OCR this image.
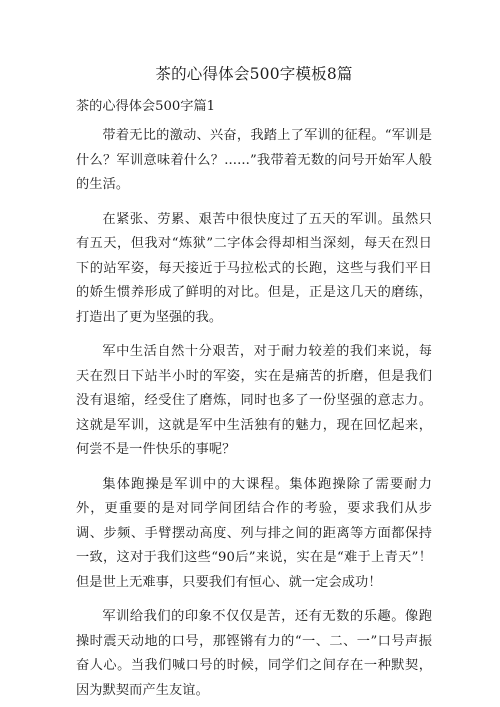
茶的心得体会500字模板8篇
茶的心得体会500字篇1

带着无比的激动、兴奋，我踏上了军训的征程。“军训是什么？军训意味着什么？......”我带着无数的问号开始军人般的生活。

在紧张、劳累、艰苦中很快度过了五天的军训。虽然只有五天，但我对“炼狱”二字体会得却相当深刻，每天在烈日下的站军姿，每天接近于马拉松式的长跑，这些与我们平日的娇生惯养形成了鲜明的对比。但是，正是这几天的磨练，打造出了更为坚强的我。

军中生活自然十分艰苦，对于耐力较差的我们来说，每天在烈日下站半小时的军姿，实在是痛苦的折磨，但是我们没有退缩，经受住了磨炼，同时也多了一份坚强的意志力。这就是军训，这就是军中生活独有的魅力，现在回忆起来，何尝不是一件快乐的事呢？

集体跑操是军训中的大课程。集体跑操除了需要耐力外，更重要的是对同学间团结合作的考验，要求我们从步调、步频、手臂摆动高度、列与排之间的距离等方面都保持一致，这对于我们这些“90后”来说，实在是“难于上青天”！但是世上无难事，只要我们有恒心、就一定会成功！

军训给我们的印象不仅仅是苦，还有无数的乐趣。像跑操时震天动地的口号，那铿锵有力的“一、二、一”口号声振奋人心。当我们喊口号的时候，同学们之间存在一种默契，因为默契而产生友谊。
